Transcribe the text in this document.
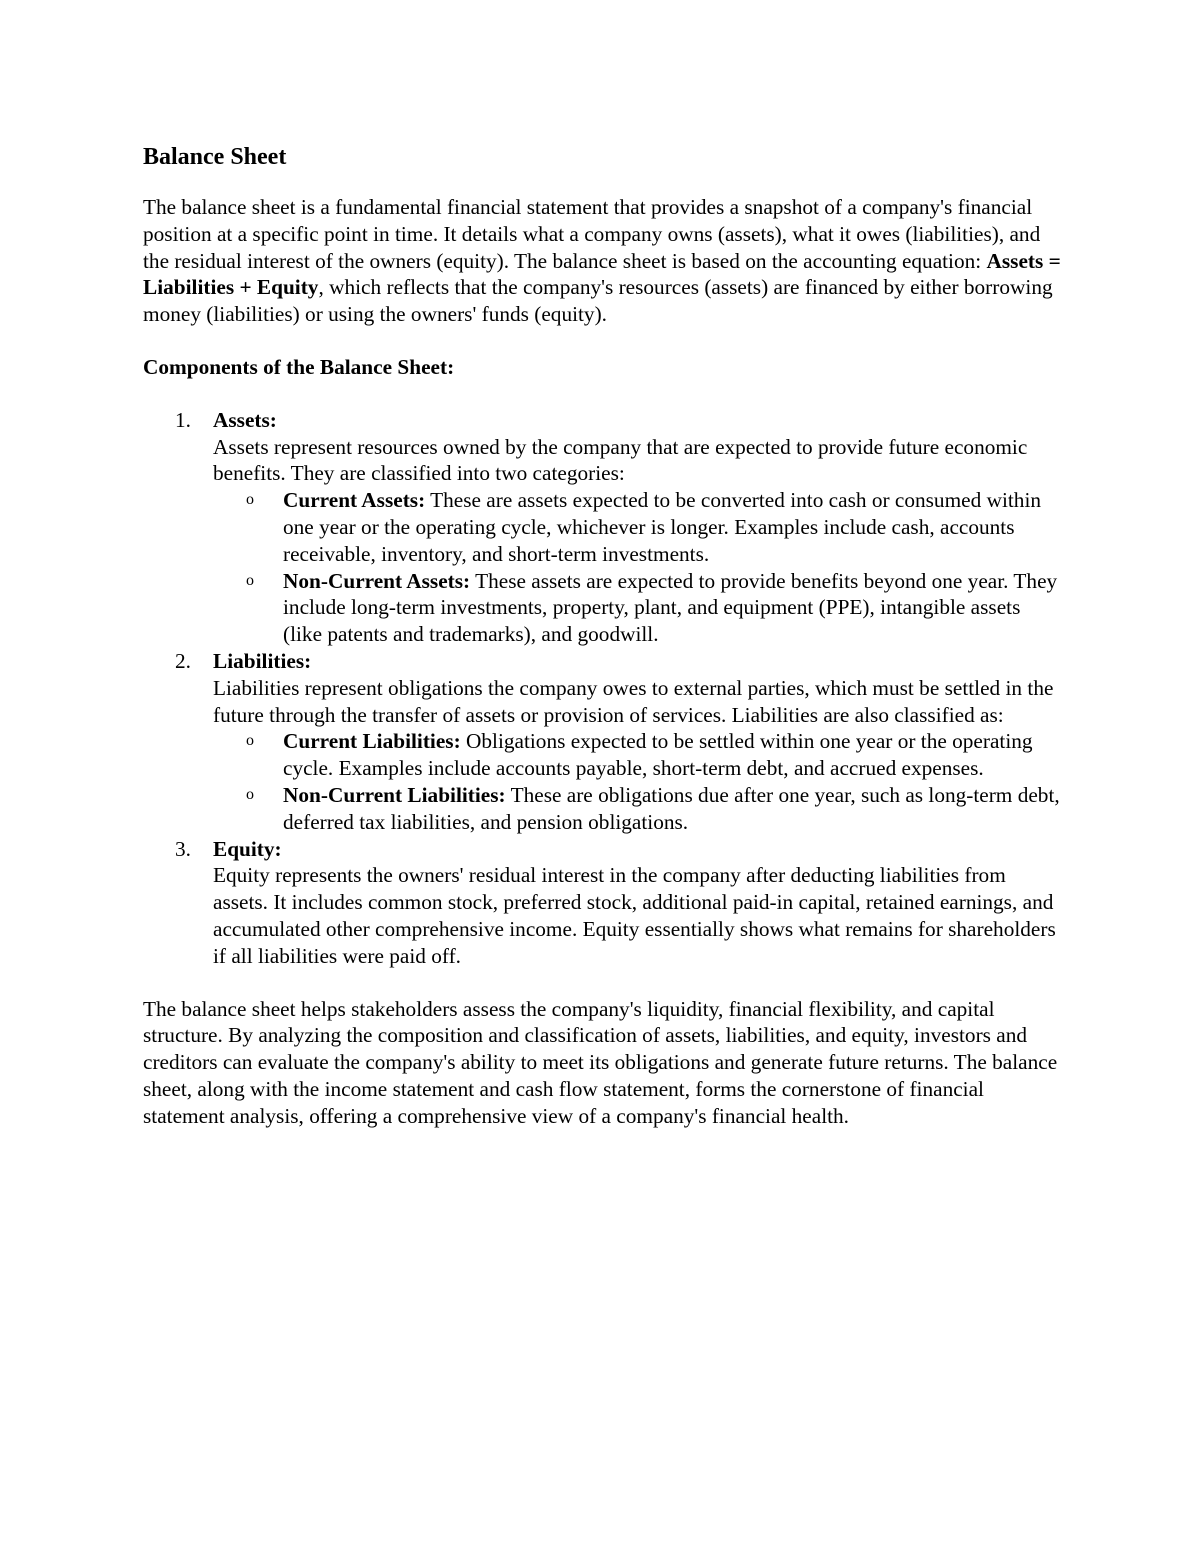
Balance Sheet

The balance sheet is a fundamental financial statement that provides a snapshot of a company's financial position at a specific point in time. It details what a company owns (assets), what it owes (liabilities), and the residual interest of the owners (equity). The balance sheet is based on the accounting equation: Assets = Liabilities + Equity, which reflects that the company's resources (assets) are financed by either borrowing money (liabilities) or using the owners' funds (equity).

Components of the Balance Sheet:

1. Assets:
Assets represent resources owned by the company that are expected to provide future economic benefits. They are classified into two categories:
o Current Assets: These are assets expected to be converted into cash or consumed within one year or the operating cycle, whichever is longer. Examples include cash, accounts receivable, inventory, and short-term investments.
o Non-Current Assets: These assets are expected to provide benefits beyond one year. They include long-term investments, property, plant, and equipment (PPE), intangible assets (like patents and trademarks), and goodwill.
2. Liabilities:
Liabilities represent obligations the company owes to external parties, which must be settled in the future through the transfer of assets or provision of services. Liabilities are also classified as:
o Current Liabilities: Obligations expected to be settled within one year or the operating cycle. Examples include accounts payable, short-term debt, and accrued expenses.
o Non-Current Liabilities: These are obligations due after one year, such as long-term debt, deferred tax liabilities, and pension obligations.
3. Equity:
Equity represents the owners' residual interest in the company after deducting liabilities from assets. It includes common stock, preferred stock, additional paid-in capital, retained earnings, and accumulated other comprehensive income. Equity essentially shows what remains for shareholders if all liabilities were paid off.

The balance sheet helps stakeholders assess the company's liquidity, financial flexibility, and capital structure. By analyzing the composition and classification of assets, liabilities, and equity, investors and creditors can evaluate the company's ability to meet its obligations and generate future returns. The balance sheet, along with the income statement and cash flow statement, forms the cornerstone of financial statement analysis, offering a comprehensive view of a company's financial health.
